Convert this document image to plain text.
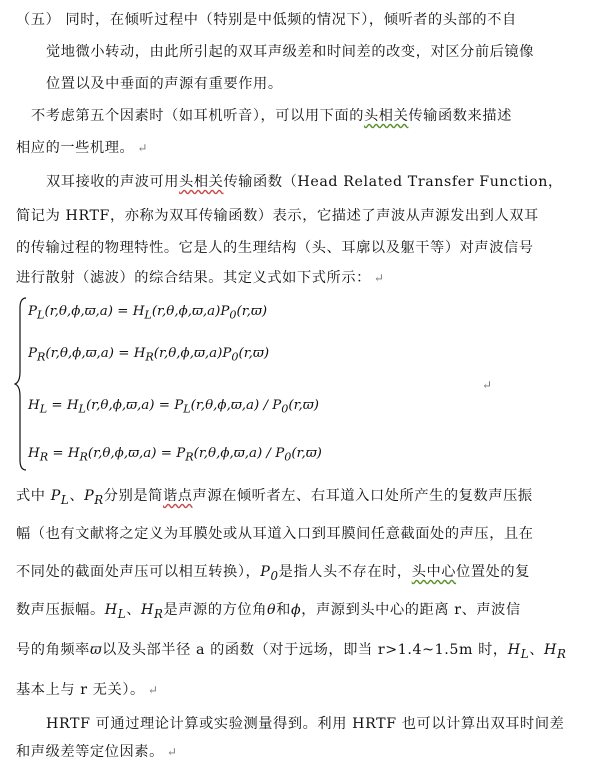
（五） 同时，在倾听过程中（特别是中低频的情况下），倾听者的头部的不自
觉地微小转动，由此所引起的双耳声级差和时间差的改变，对区分前后镜像
位置以及中垂面的声源有重要作用。
不考虑第五个因素时（如耳机听音），可以用下面的头相关传输函数来描述
相应的一些机理。 ↵
双耳接收的声波可用头相关传输函数（Head Related Transfer Function，
简记为 HRTF，亦称为双耳传输函数）表示，它描述了声波从声源发出到人双耳
的传输过程的物理特性。它是人的生理结构（头、耳廓以及躯干等）对声波信号
进行散射（滤波）的综合结果。其定义式如下式所示： ↵
$P_L(r,\theta,\phi,ϖ,a) = H_L(r,\theta,\phi,ϖ,a)P_0(r,ϖ)$
$P_R(r,\theta,\phi,ϖ,a) = H_R(r,\theta,\phi,ϖ,a)P_0(r,ϖ)$
$H_L = H_L(r,\theta,\phi,ϖ,a) = P_L(r,\theta,\phi,ϖ,a) / P_0(r,ϖ)$
$H_R = H_R(r,\theta,\phi,ϖ,a) = P_R(r,\theta,\phi,ϖ,a) / P_0(r,ϖ)$
↵
式中 $P_L$、$P_R$分别是简谐点声源在倾听者左、右耳道入口处所产生的复数声压振
幅（也有文献将之定义为耳膜处或从耳道入口到耳膜间任意截面处的声压，且在
不同处的截面处声压可以相互转换），$P_0$是指人头不存在时，头中心位置处的复
数声压振幅。$H_L$、$H_R$是声源的方位角θ和ϕ，声源到头中心的距离 r、声波信
号的角频率ϖ以及头部半径 a 的函数（对于远场，即当 r>1.4~1.5m 时，$H_L$、$H_R$
基本上与 r 无关）。 ↵
HRTF 可通过理论计算或实验测量得到。利用 HRTF 也可以计算出双耳时间差
和声级差等定位因素。 ↵
